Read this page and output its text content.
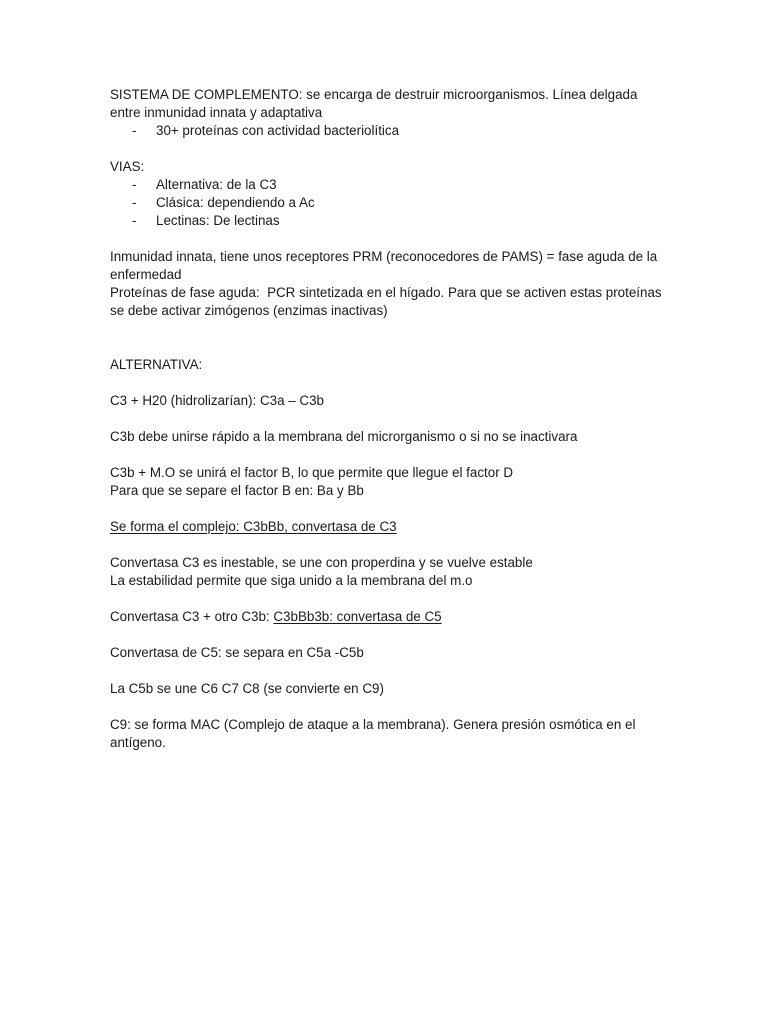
SISTEMA DE COMPLEMENTO: se encarga de destruir microorganismos. Línea delgada entre inmunidad innata y adaptativa

- 30+ proteínas con actividad bacteriolítica

VIAS:

- Alternativa: de la C3
- Clásica: dependiendo a Ac
- Lectinas: De lectinas

Inmunidad innata, tiene unos receptores PRM (reconocedores de PAMS) = fase aguda de la enfermedad

Proteínas de fase aguda:  PCR sintetizada en el hígado. Para que se activen estas proteínas se debe activar zimógenos (enzimas inactivas)

ALTERNATIVA:

C3 + H20 (hidrolizarían): C3a – C3b

C3b debe unirse rápido a la membrana del microrganismo o si no se inactivara

C3b + M.O se unirá el factor B, lo que permite que llegue el factor D

Para que se separe el factor B en: Ba y Bb

Se forma el complejo: C3bBb, convertasa de C3

Convertasa C3 es inestable, se une con properdina y se vuelve estable

La estabilidad permite que siga unido a la membrana del m.o

Convertasa C3 + otro C3b: C3bBb3b: convertasa de C5

Convertasa de C5: se separa en C5a -C5b

La C5b se une C6 C7 C8 (se convierte en C9)

C9: se forma MAC (Complejo de ataque a la membrana). Genera presión osmótica en el antígeno.
